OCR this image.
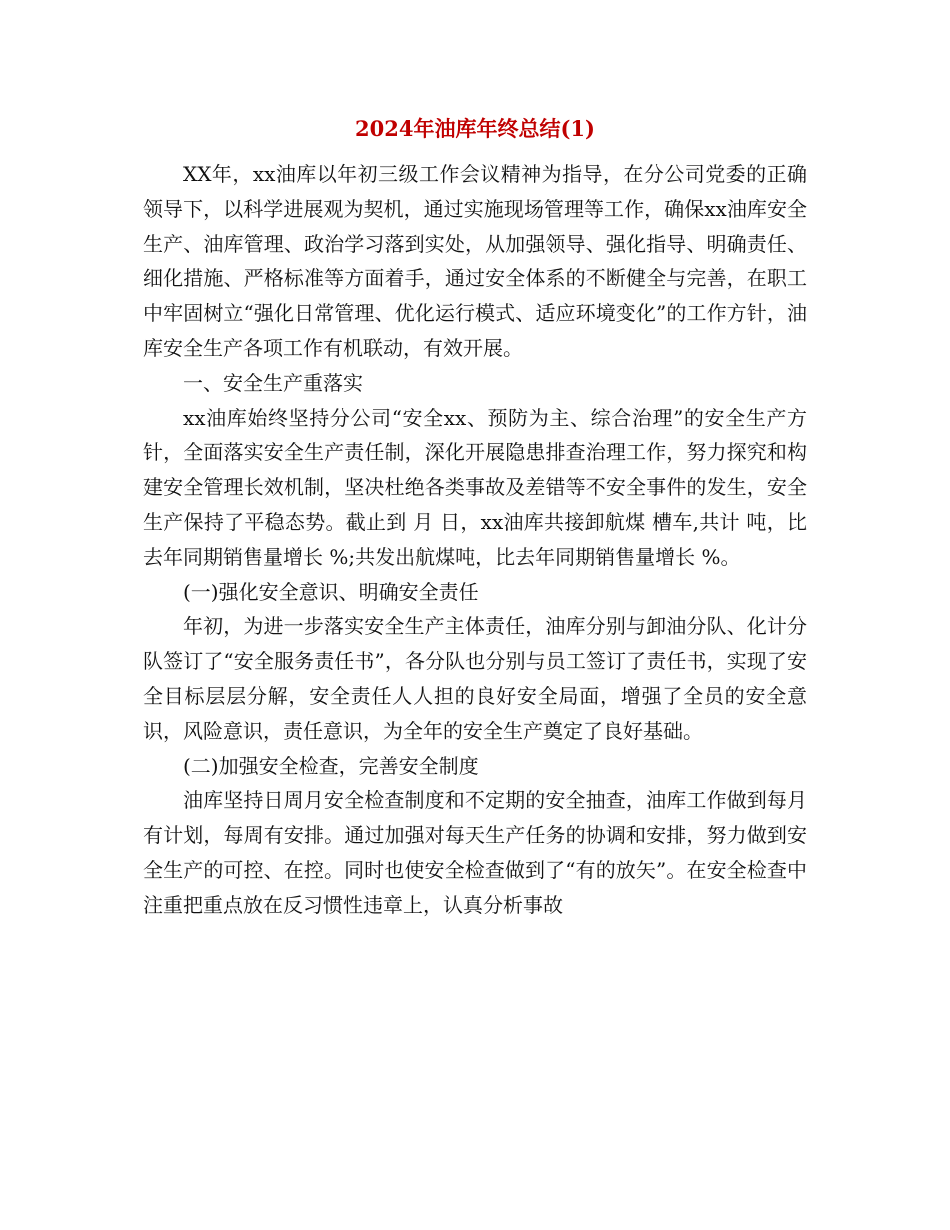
2024年油库年终总结(1)

XX年，xx油库以年初三级工作会议精神为指导，在分公司党委的正确领导下，以科学进展观为契机，通过实施现场管理等工作，确保xx油库安全生产、油库管理、政治学习落到实处，从加强领导、强化指导、明确责任、细化措施、严格标准等方面着手，通过安全体系的不断健全与完善，在职工中牢固树立“强化日常管理、优化运行模式、适应环境变化”的工作方针，油库安全生产各项工作有机联动，有效开展。

一、安全生产重落实

xx油库始终坚持分公司“安全xx、预防为主、综合治理”的安全生产方针，全面落实安全生产责任制，深化开展隐患排查治理工作，努力探究和构建安全管理长效机制，坚决杜绝各类事故及差错等不安全事件的发生，安全生产保持了平稳态势。截止到 月 日，xx油库共接卸航煤 槽车,共计 吨，比去年同期销售量增长 %;共发出航煤吨，比去年同期销售量增长 %。

(一)强化安全意识、明确安全责任

年初，为进一步落实安全生产主体责任，油库分别与卸油分队、化计分队签订了“安全服务责任书”，各分队也分别与员工签订了责任书，实现了安全目标层层分解，安全责任人人担的良好安全局面，增强了全员的安全意识，风险意识，责任意识，为全年的安全生产奠定了良好基础。

(二)加强安全检查，完善安全制度

油库坚持日周月安全检查制度和不定期的安全抽查，油库工作做到每月有计划，每周有安排。通过加强对每天生产任务的协调和安排，努力做到安全生产的可控、在控。同时也使安全检查做到了“有的放矢”。在安全检查中注重把重点放在反习惯性违章上，认真分析事故
